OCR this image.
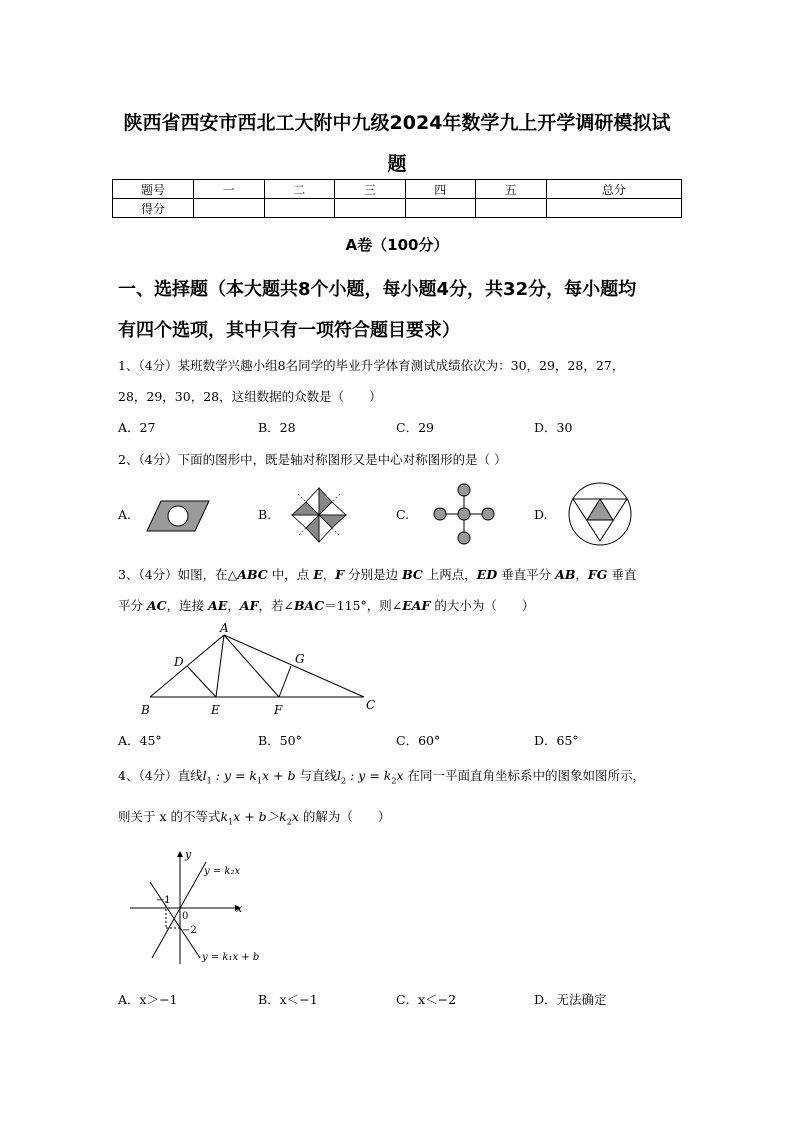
陕西省西安市西北工大附中九级2024年数学九上开学调研模拟试
题
题号	一	二	三	四	五	总分
得分						
A卷（100分）
一、选择题（本大题共8个小题，每小题4分，共32分，每小题均
有四个选项，其中只有一项符合题目要求）
1、（4分）某班数学兴趣小组8名同学的毕业升学体育测试成绩依次为：30，29，28，27，
28，29，30，28，这组数据的众数是（　　）
A．27	B．28	C．29	D．30
2、（4分）下面的图形中，既是轴对称图形又是中心对称图形的是（ ）
A.	B.	C.	D.
3、（4分）如图，在△ABC 中，点 E，F 分别是边 BC 上两点，ED 垂直平分 AB，FG 垂直
平分 AC，连接 AE，AF，若∠BAC＝115°，则∠EAF 的大小为（　　）
A
B	C
D
E	F
G
A．45°	B．50°	C．60°	D．65°
4、（4分）直线$l_1$ : $y = k_1x + b$ 与直线$l_2$ : $y = k_2x$ 在同一平面直角坐标系中的图象如图所示，
则关于 x 的不等式$k_1x + b>k_2x$ 的解为（　　）
y
x
y = k₂x
y = k₁x + b
0
−1
−2
A．x＞−1	B．x＜−1	C．x＜−2	D．无法确定
